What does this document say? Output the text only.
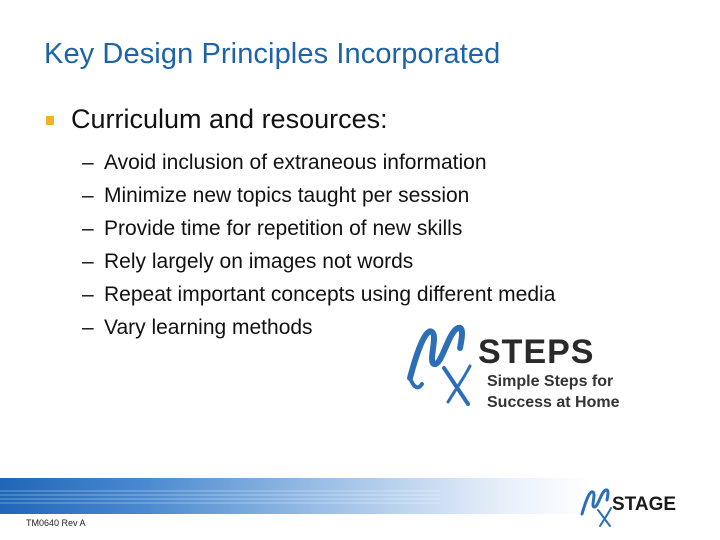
Key Design Principles Incorporated
Curriculum and resources:
– Avoid inclusion of extraneous information
– Minimize new topics taught per session
– Provide time for repetition of new skills
– Rely largely on images not words
– Repeat important concepts using different media
– Vary learning methods
STEPS
Simple Steps for
Success at Home
TM0640 Rev A
STAGE
